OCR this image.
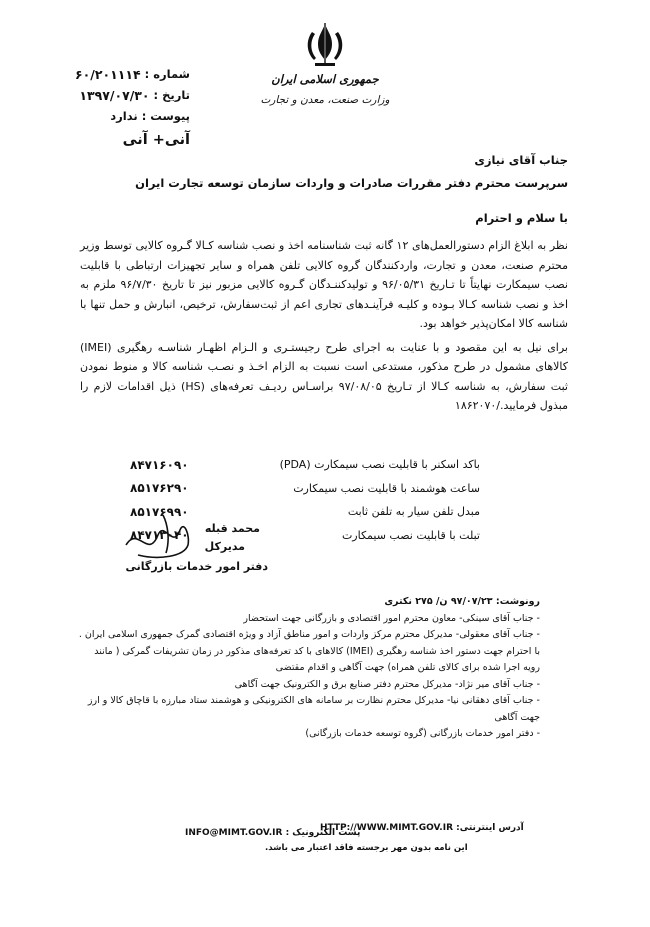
جمهوری اسلامی ایران
وزارت صنعت، معدن و تجارت
شماره :
۶۰/۲۰۱۱۱۴
تاریخ :
۱۳۹۷/۰۷/۳۰
پیوست :
ندارد
آنی+ آنی
جناب آقای نیازی
سرپرست محترم دفتر مقررات صادرات و واردات سازمان توسعه تجارت ایران
با سلام و احترام

نظر به ابلاغ الزام دستورالعمل‌های ۱۲ گانه ثبت شناسنامه اخذ و نصب شناسه کـالا گـروه کالایی توسط وزیر محترم صنعت، معدن و تجارت، واردکنندگان گروه کالایی تلفن همراه و سایر تجهیزات ارتباطی با قابلیت نصب سیمکارت نهایتاً تا تـاریخ ۹۶/۰۵/۳۱ و تولیدکننـدگان گـروه کالایی مزبور نیز تا تاریخ ۹۶/۷/۳۰ ملزم به اخذ و نصب شناسه کـالا بـوده و کلیـه فرآینـدهای تجاری اعم از ثبت‌سفارش، ترخیص، انبارش و حمل تنها با شناسه کالا امکان‌پذیر خواهد بود.

برای نیل به این مقصود و با عنایت به اجرای طرح رجیستـری و الـزام اظهـار شناسـه رهگیری (IMEI) کالاهای مشمول در طرح مذکور، مستدعی است نسبت به الزام اخـذ و نصـب شناسه کالا و منوط نمودن ثبت سفارش، به شناسه کـالا از تـاریخ ۹۷/۰۸/۰۵ براسـاس ردیـف تعرفه‌های (HS) ذیل اقدامات لازم را مبذول فرمایید./۱۸۶۲۰۷۰

باکد اسکنر با قابلیت نصب سیمکارت (PDA)
۸۴۷۱۶۰۹۰
ساعت هوشمند با قابلیت نصب سیمکارت
۸۵۱۷۶۲۹۰
مبدل تلفن سیار به تلفن ثابت
۸۵۱۷۶۹۹۰
تبلت با قابلیت نصب سیمکارت
۸۴۷۱۳۰۴۰ محمد قبله
مدیرکل
دفتر امور خدمات بازرگانی
رونوشت: ۹۷/۰۷/۲۳ ن/ ۲۷۵ نکتری
- جناب آقای سینکی- معاون محترم امور اقتصادی و بازرگانی جهت استحضار
- جناب آقای معقولی- مدیرکل محترم مرکز واردات و امور مناطق آزاد و ویژه اقتصادی گمرک جمهوری اسلامی ایران .
با احترام جهت دستور اخذ شناسه رهگیری (IMEI) کالاهای با کد تعرفه‌های مذکور در زمان تشریفات گمرکی ( مانند
رویه اجرا شده برای کالای تلفن همراه) جهت آگاهی و اقدام مقتضی
- جناب آقای میر نژاد- مدیرکل محترم دفتر صنایع برق و الکترونیک جهت آگاهی
- جناب آقای دهقانی نیا- مدیرکل محترم نظارت بر سامانه های الکترونیکی و هوشمند ستاد مبارزه با قاچاق کالا و ارز
جهت آگاهی
- دفتر امور خدمات بازرگانی (گروه توسعه خدمات بازرگانی)
HTTP://WWW.MIMT.GOV.IR آدرس اینترنتی:
INFO@MIMT.GOV.IR پست الکترونیک :
این نامه بدون مهر برجسته فاقد اعتبار می باشد.
